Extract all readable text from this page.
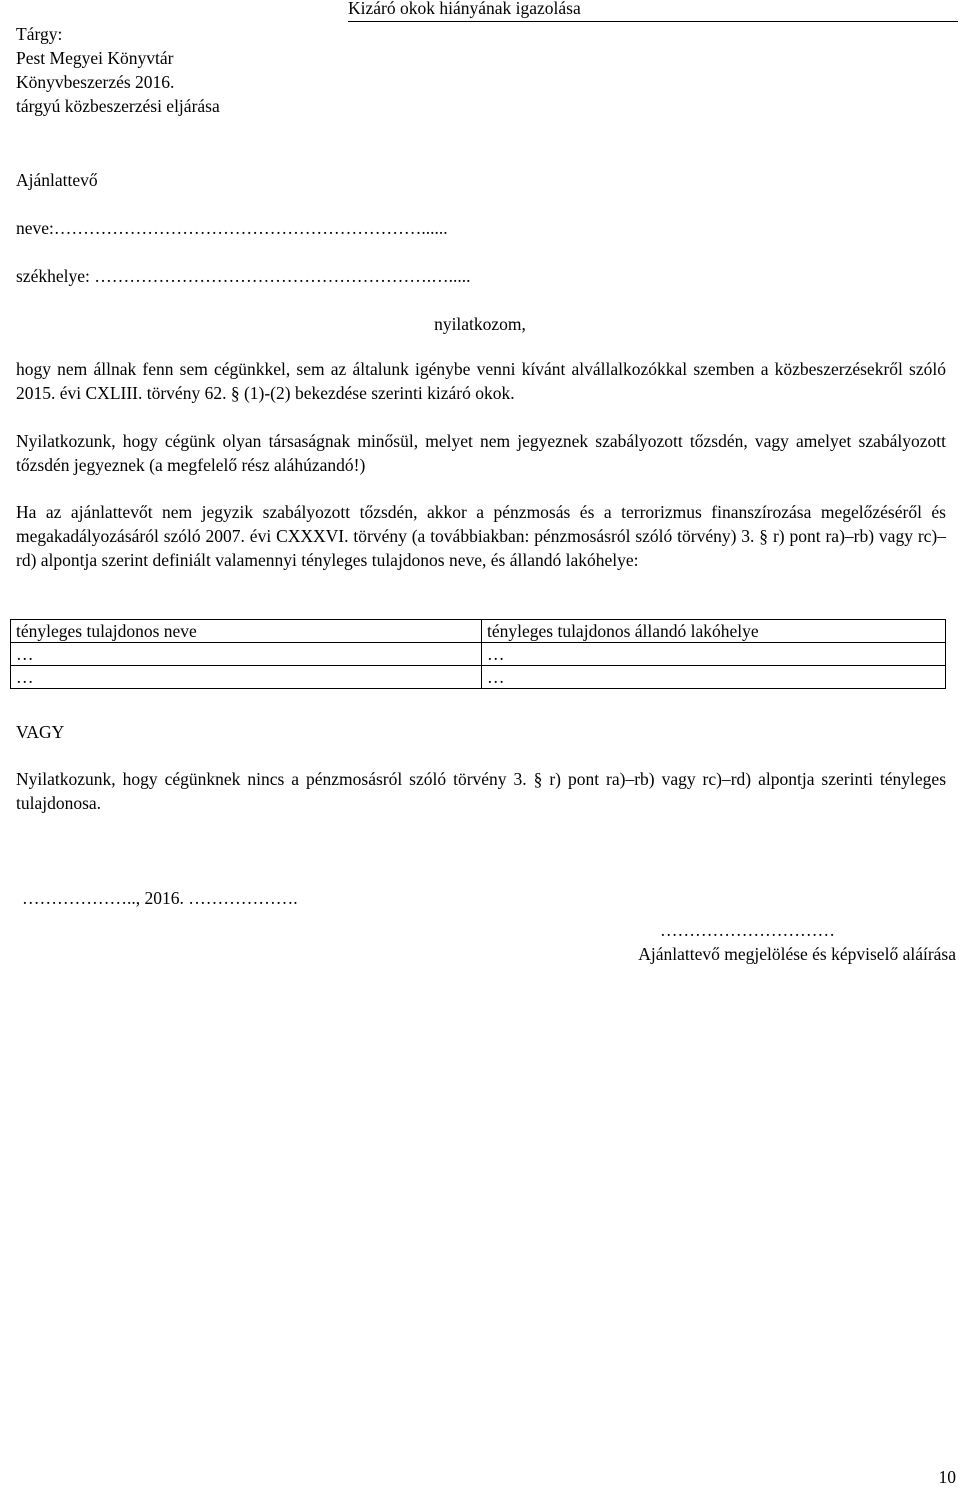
Kizáró okok hiányának igazolása
Tárgy:
Pest Megyei Könyvtár
Könyvbeszerzés 2016.
tárgyú közbeszerzési eljárása
Ajánlattevő
neve:………………………………………………………......
székhelye: ………………………………………………….….....
nyilatkozom,
hogy nem állnak fenn sem cégünkkel, sem az általunk igénybe venni kívánt alvállalkozókkal szemben a közbeszerzésekről szóló 2015. évi CXLIII. törvény 62. § (1)-(2) bekezdése szerinti kizáró okok.
Nyilatkozunk, hogy cégünk olyan társaságnak minősül, melyet nem jegyeznek szabályozott tőzsdén, vagy amelyet szabályozott tőzsdén jegyeznek (a megfelelő rész aláhúzandó!)
Ha az ajánlattevőt nem jegyzik szabályozott tőzsdén, akkor a pénzmosás és a terrorizmus finanszírozása megelőzéséről és megakadályozásáról szóló 2007. évi CXXXVI. törvény (a továbbiakban: pénzmosásról szóló törvény) 3. § r) pont ra)–rb) vagy rc)–rd) alpontja szerint definiált valamennyi tényleges tulajdonos neve, és állandó lakóhelye:
tényleges tulajdonos neve	tényleges tulajdonos állandó lakóhelye
…	…
…	…
VAGY
Nyilatkozunk, hogy cégünknek nincs a pénzmosásról szóló törvény 3. § r) pont ra)–rb) vagy rc)–rd) alpontja szerinti tényleges tulajdonosa.
……………….., 2016. ……………….
…………………………
Ajánlattevő megjelölése és képviselő aláírása
10
